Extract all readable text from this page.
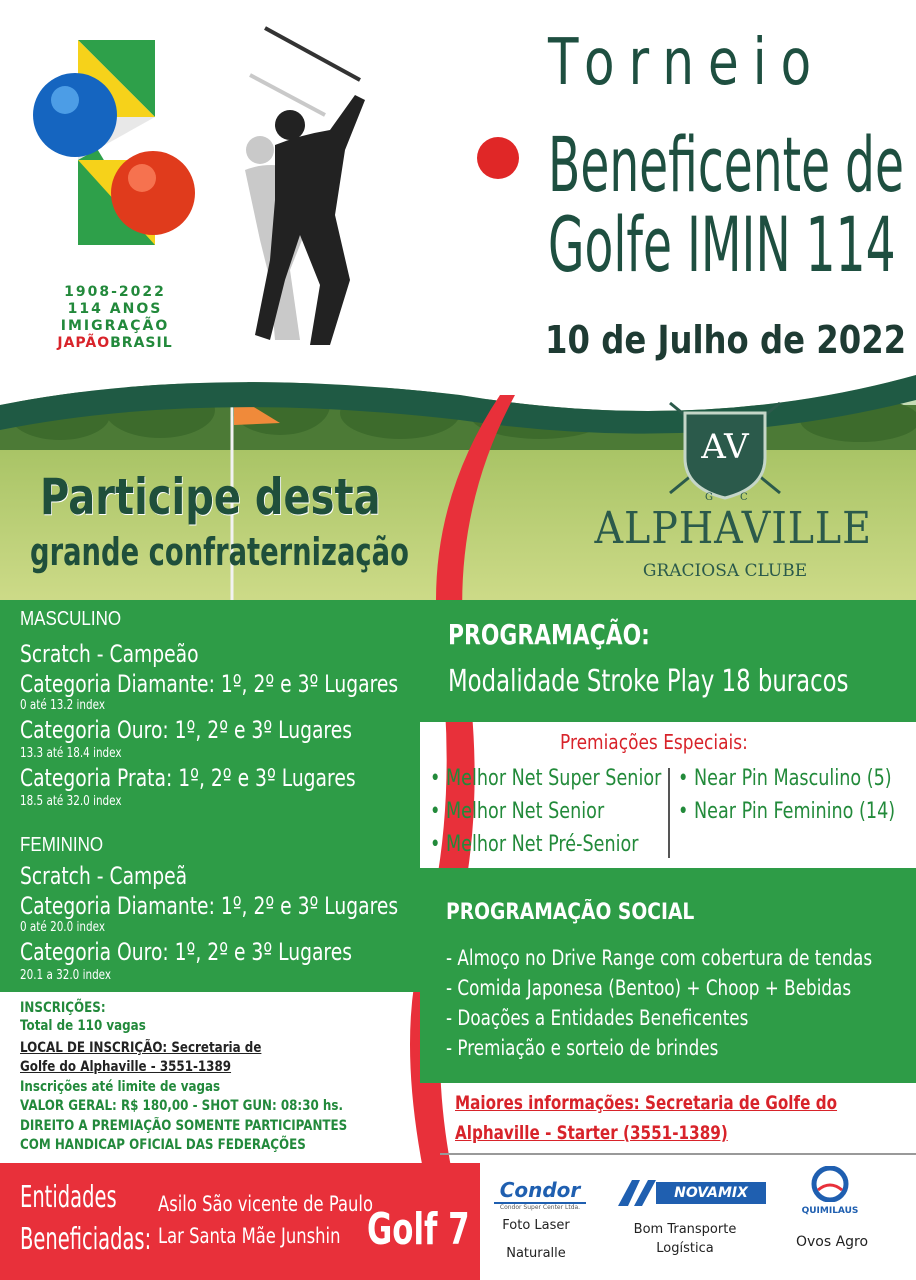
1908-2022
114 ANOS
IMIGRAÇÃO
JAPÃOBRASIL
Torneio
Beneficente de
Golfe IMIN 114
10 de Julho de 2022
Participe desta
grande confraternização
AV
G	C
ALPHAVILLE
GRACIOSA CLUBE
MASCULINO
Scratch - Campeão
Categoria Diamante: 1º, 2º e 3º Lugares
0 até 13.2 index
Categoria Ouro: 1º, 2º e 3º Lugares
13.3 até 18.4 index
Categoria Prata: 1º, 2º e 3º Lugares
18.5 até 32.0 index
FEMININO
Scratch - Campeã
Categoria Diamante: 1º, 2º e 3º Lugares
0 até 20.0 index
Categoria Ouro: 1º, 2º e 3º Lugares
20.1 a 32.0 index
PROGRAMAÇÃO:
Modalidade Stroke Play 18 buracos
Premiações Especiais:
• Melhor Net Super Senior
• Melhor Net Senior
• Melhor Net Pré-Senior
• Near Pin Masculino (5)
• Near Pin Feminino (14)
PROGRAMAÇÃO SOCIAL
- Almoço no Drive Range com cobertura de tendas
- Comida Japonesa (Bentoo) + Choop + Bebidas
- Doações a Entidades Beneficentes
- Premiação e sorteio de brindes
INSCRIÇÕES:
Total de 110 vagas
LOCAL DE INSCRIÇÃO: Secretaria de
Golfe do Alphaville - 3551-1389
Inscrições até limite de vagas
VALOR GERAL: R$ 180,00 - SHOT GUN: 08:30 hs.
DIREITO A PREMIAÇÃO SOMENTE PARTICIPANTES
COM HANDICAP OFICIAL DAS FEDERAÇÕES
Maiores informações: Secretaria de Golfe do
Alphaville - Starter (3551-1389)
Entidades
Beneficiadas:
Asilo São vicente de Paulo
Lar Santa Mãe Junshin Golf 7
Condor
Condor Super Center Ltda.
NOVAMIX
QUIMILAUS
Foto Laser
Naturalle
Bom Transporte
Logística	Ovos Agro
